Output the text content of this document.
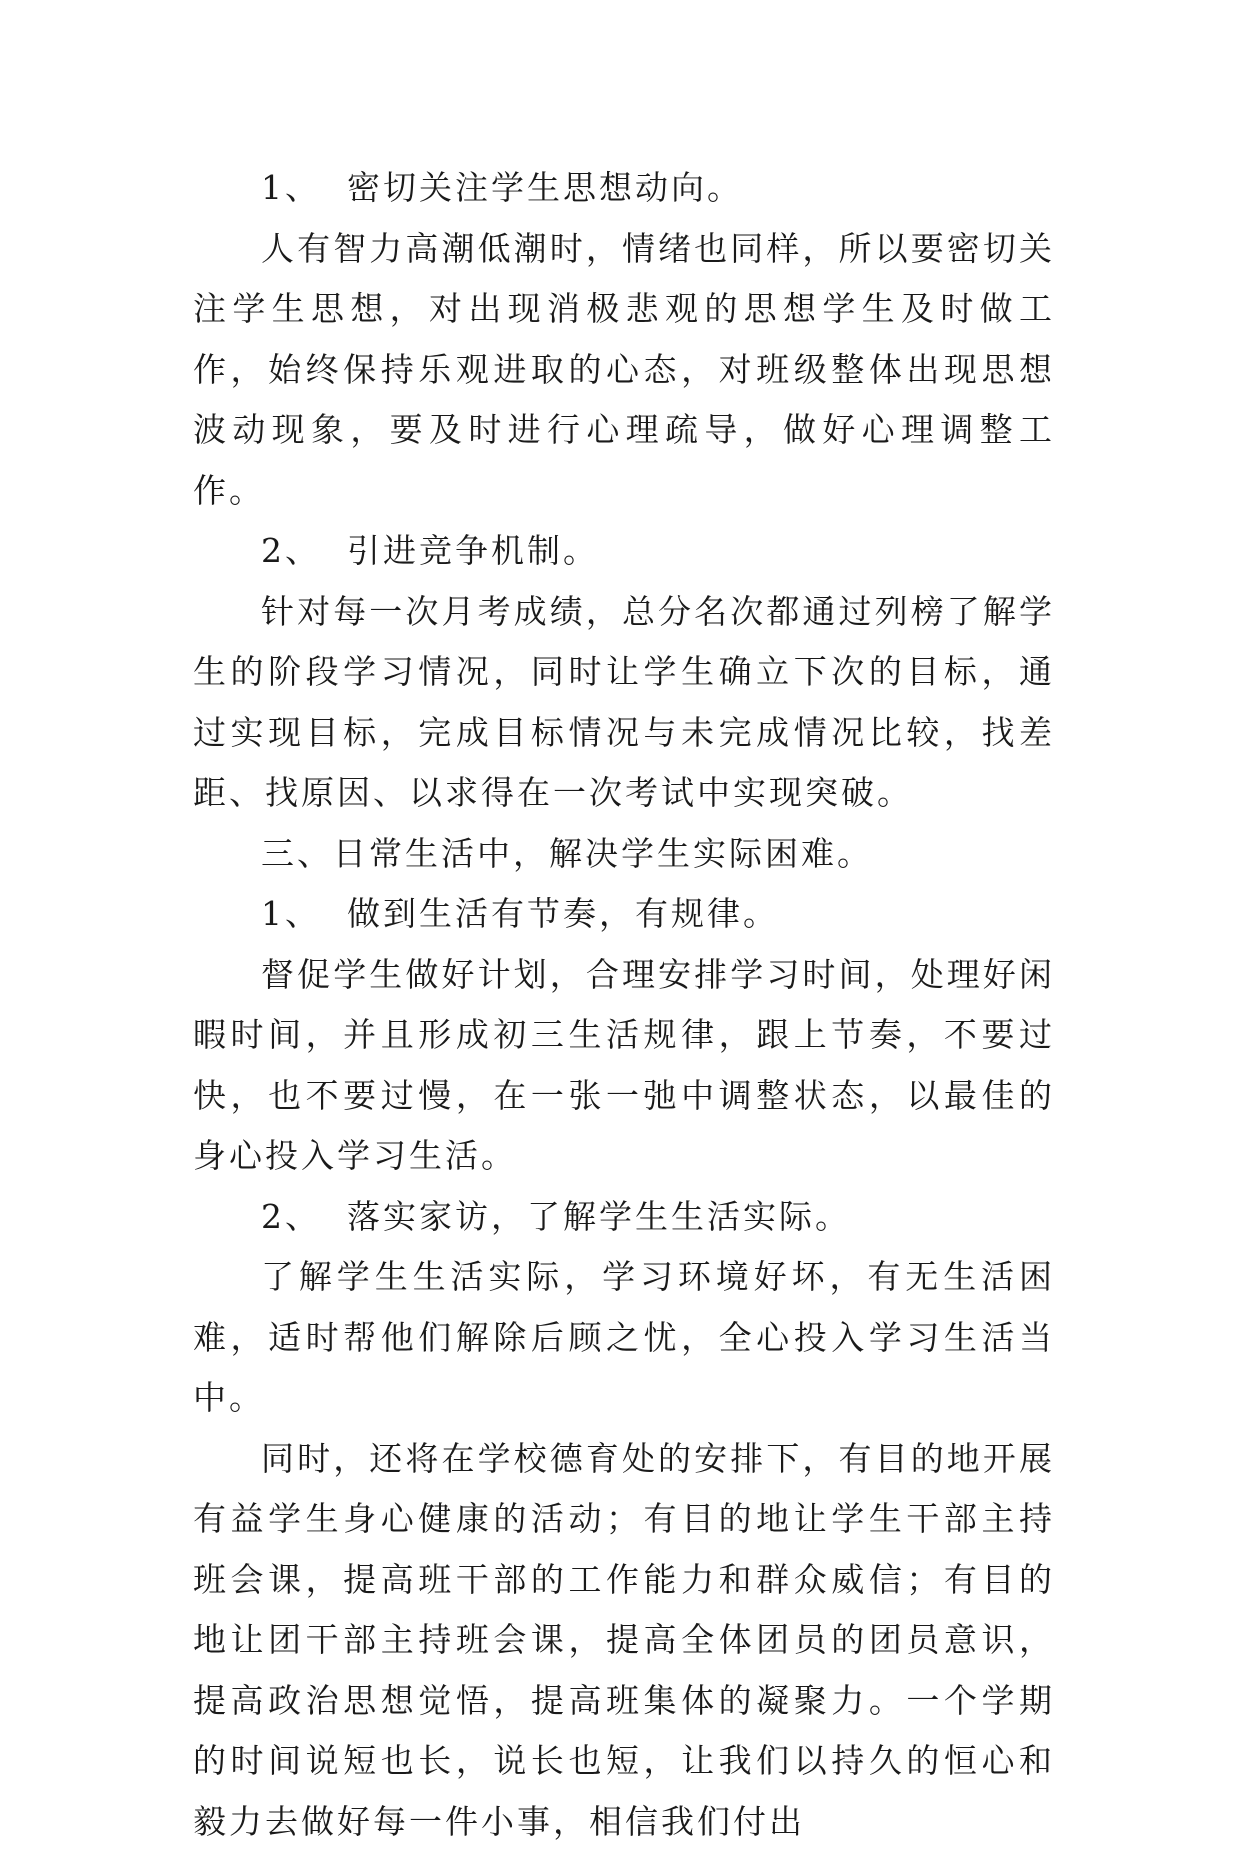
1、 密切关注学生思想动向。

人有智力高潮低潮时，情绪也同样，所以要密切关注学生思想，对出现消极悲观的思想学生及时做工作，始终保持乐观进取的心态，对班级整体出现思想波动现象，要及时进行心理疏导，做好心理调整工作。

2、 引进竞争机制。

针对每一次月考成绩，总分名次都通过列榜了解学生的阶段学习情况，同时让学生确立下次的目标，通过实现目标，完成目标情况与未完成情况比较，找差距、找原因、以求得在一次考试中实现突破。

三、日常生活中，解决学生实际困难。

1、 做到生活有节奏，有规律。

督促学生做好计划，合理安排学习时间，处理好闲暇时间，并且形成初三生活规律，跟上节奏，不要过快，也不要过慢，在一张一弛中调整状态，以最佳的身心投入学习生活。

2、 落实家访，了解学生生活实际。

了解学生生活实际，学习环境好坏，有无生活困难，适时帮他们解除后顾之忧，全心投入学习生活当中。

同时，还将在学校德育处的安排下，有目的地开展有益学生身心健康的活动；有目的地让学生干部主持班会课，提高班干部的工作能力和群众威信；有目的地让团干部主持班会课，提高全体团员的团员意识，提高政治思想觉悟，提高班集体的凝聚力。一个学期的时间说短也长，说长也短，让我们以持久的恒心和毅力去做好每一件小事，相信我们付出
